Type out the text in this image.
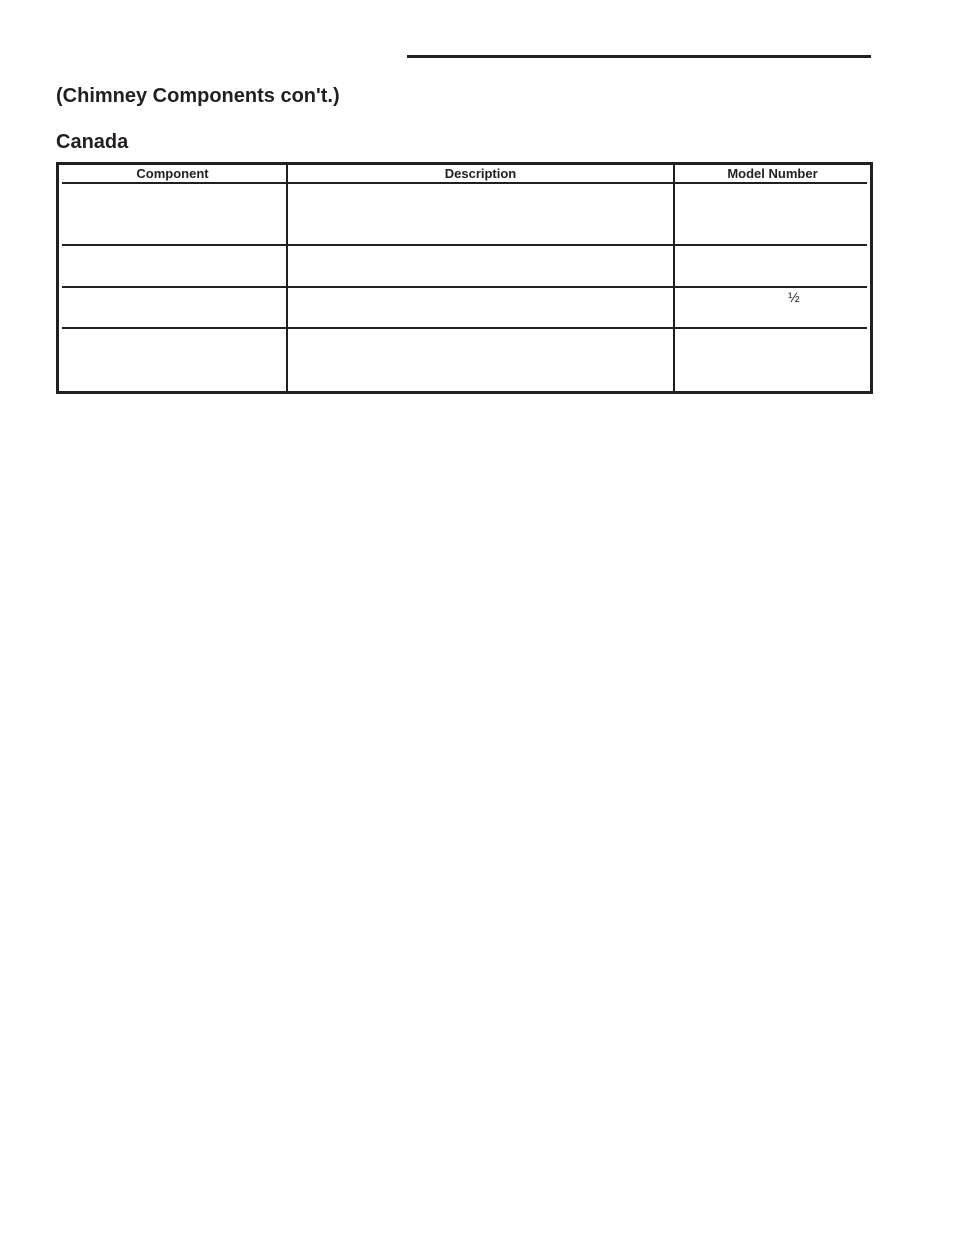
(Chimney Components con't.)
Canada
Component	Description	Model Number
½
